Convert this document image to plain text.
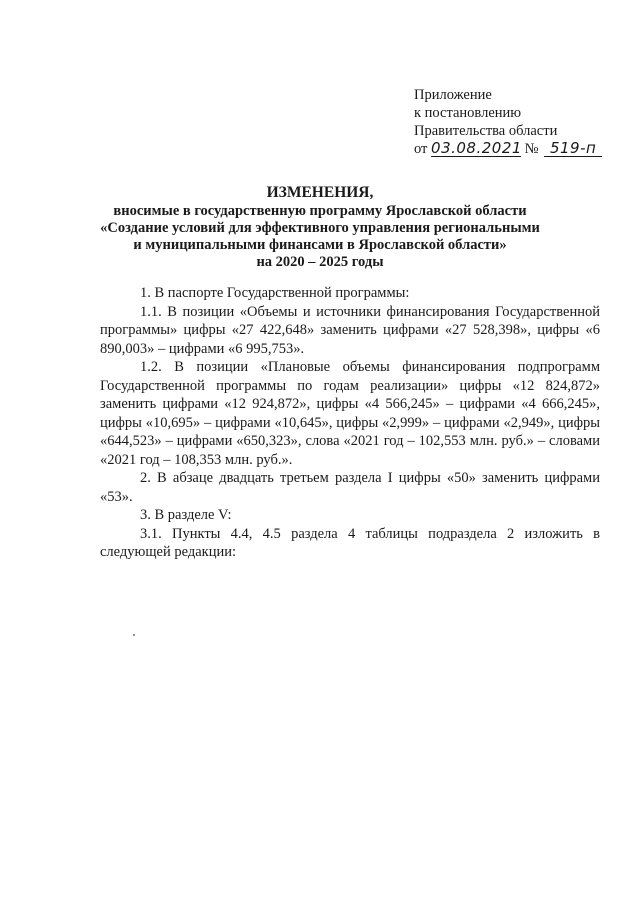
Приложение
к постановлению
Правительства области
от 03.08.2021 № 519-п
ИЗМЕНЕНИЯ,
вносимые в государственную программу Ярославской области
«Создание условий для эффективного управления региональными
и муниципальными финансами в Ярославской области»
на 2020 – 2025 годы

1. В паспорте Государственной программы:

1.1. В позиции «Объемы и источники финансирования Государственной программы» цифры «27 422,648» заменить цифрами «27 528,398», цифры «6 890,003» – цифрами «6 995,753».

1.2. В позиции «Плановые объемы финансирования подпрограмм Государственной программы по годам реализации» цифры «12 824,872» заменить цифрами «12 924,872», цифры «4 566,245» – цифрами «4 666,245», цифры «10,695» – цифрами «10,645», цифры «2,999» – цифрами «2,949», цифры «644,523» – цифрами «650,323», слова «2021 год – 102,553 млн. руб.» – словами «2021 год – 108,353 млн. руб.».

2. В абзаце двадцать третьем раздела I цифры «50» заменить цифрами «53».

3. В разделе V:

3.1. Пункты 4.4, 4.5 раздела 4 таблицы подраздела 2 изложить в следующей редакции:
